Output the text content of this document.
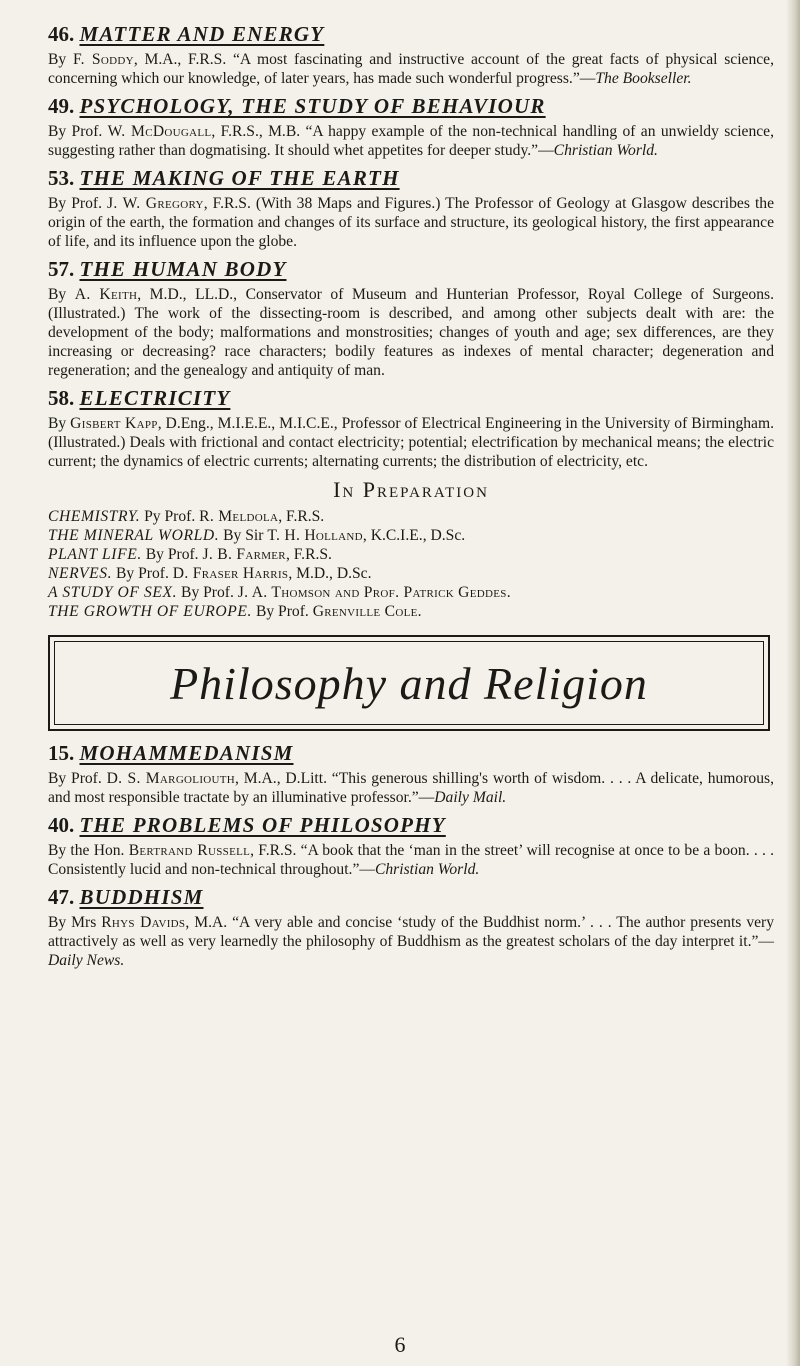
46. MATTER AND ENERGY

By F. Soddy, M.A., F.R.S. “A most fascinating and instructive account of the great facts of physical science, concerning which our knowledge, of later years, has made such wonderful progress.”—The Bookseller.

49. PSYCHOLOGY, THE STUDY OF BEHAVIOUR

By Prof. W. McDougall, F.R.S., M.B. “A happy example of the non-technical handling of an unwieldy science, suggesting rather than dogmatising. It should whet appetites for deeper study.”—Christian World.

53. THE MAKING OF THE EARTH

By Prof. J. W. Gregory, F.R.S. (With 38 Maps and Figures.) The Professor of Geology at Glasgow describes the origin of the earth, the formation and changes of its surface and structure, its geological history, the first appearance of life, and its influence upon the globe.

57. THE HUMAN BODY

By A. Keith, M.D., LL.D., Conservator of Museum and Hunterian Professor, Royal College of Surgeons. (Illustrated.) The work of the dissecting-room is described, and among other subjects dealt with are: the development of the body; malformations and monstrosities; changes of youth and age; sex differences, are they increasing or decreasing? race characters; bodily features as indexes of mental character; degeneration and regeneration; and the genealogy and antiquity of man.

58. ELECTRICITY

By Gisbert Kapp, D.Eng., M.I.E.E., M.I.C.E., Professor of Electrical Engineering in the University of Birmingham. (Illustrated.) Deals with frictional and contact electricity; potential; electrification by mechanical means; the electric current; the dynamics of electric currents; alternating currents; the distribution of electricity, etc.

In Preparation
CHEMISTRY. Py Prof. R. Meldola, F.R.S.
THE MINERAL WORLD. By Sir T. H. Holland, K.C.I.E., D.Sc.
PLANT LIFE. By Prof. J. B. Farmer, F.R.S.
NERVES. By Prof. D. Fraser Harris, M.D., D.Sc.
A STUDY OF SEX. By Prof. J. A. Thomson and Prof. Patrick Geddes.
THE GROWTH OF EUROPE. By Prof. Grenville Cole.
Philosophy and Religion
15. MOHAMMEDANISM

By Prof. D. S. Margoliouth, M.A., D.Litt. “This generous shilling's worth of wisdom. . . . A delicate, humorous, and most responsible tractate by an illuminative professor.”—Daily Mail.

40. THE PROBLEMS OF PHILOSOPHY

By the Hon. Bertrand Russell, F.R.S. “A book that the ‘man in the street’ will recognise at once to be a boon. . . . Consistently lucid and non-technical throughout.”—Christian World.

47. BUDDHISM

By Mrs Rhys Davids, M.A. “A very able and concise ‘study of the Buddhist norm.’ . . . The author presents very attractively as well as very learnedly the philosophy of Buddhism as the greatest scholars of the day interpret it.”—Daily News.

6
